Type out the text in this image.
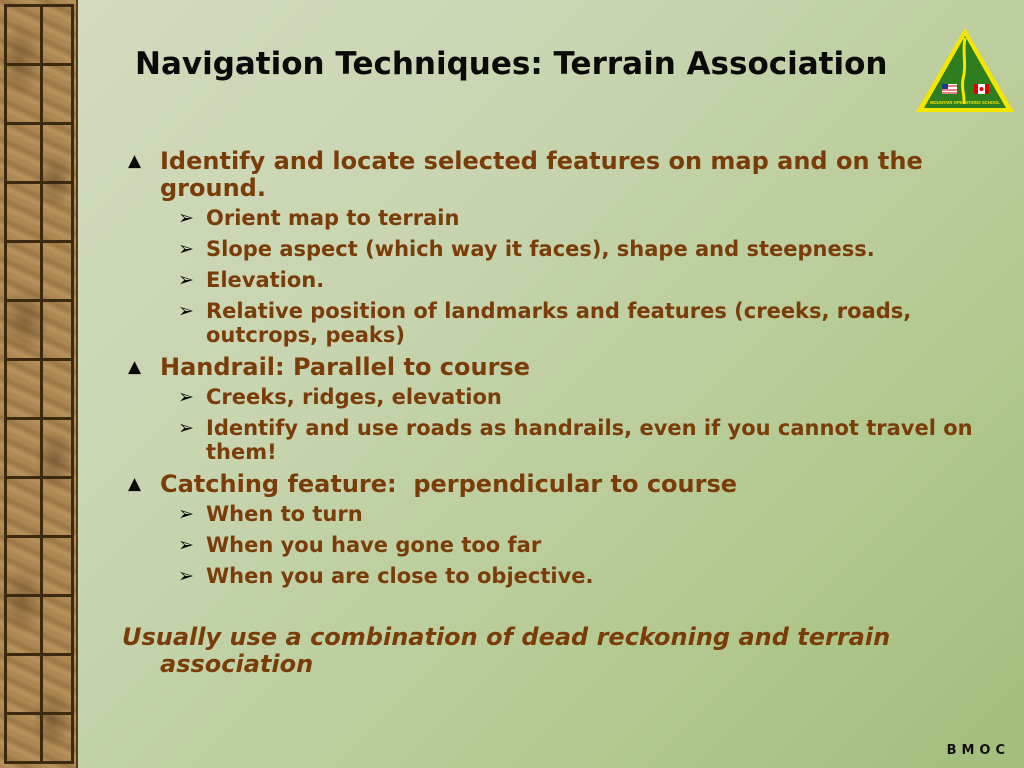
Navigation Techniques: Terrain Association
MOUNTAIN OPERATIONS SCHOOL
▲ Identify and locate selected features on map and on the ground.
➢ Orient map to terrain
➢ Slope aspect (which way it faces), shape and steepness.
➢ Elevation.
➢ Relative position of landmarks and features (creeks, roads, outcrops, peaks)
▲ Handrail: Parallel to course
➢ Creeks, ridges, elevation
➢ Identify and use roads as handrails, even if you cannot travel on them!
▲ Catching feature:  perpendicular to course
➢ When to turn
➢ When you have gone too far
➢ When you are close to objective.
Usually use a combination of dead reckoning and terrain association
BMOC
